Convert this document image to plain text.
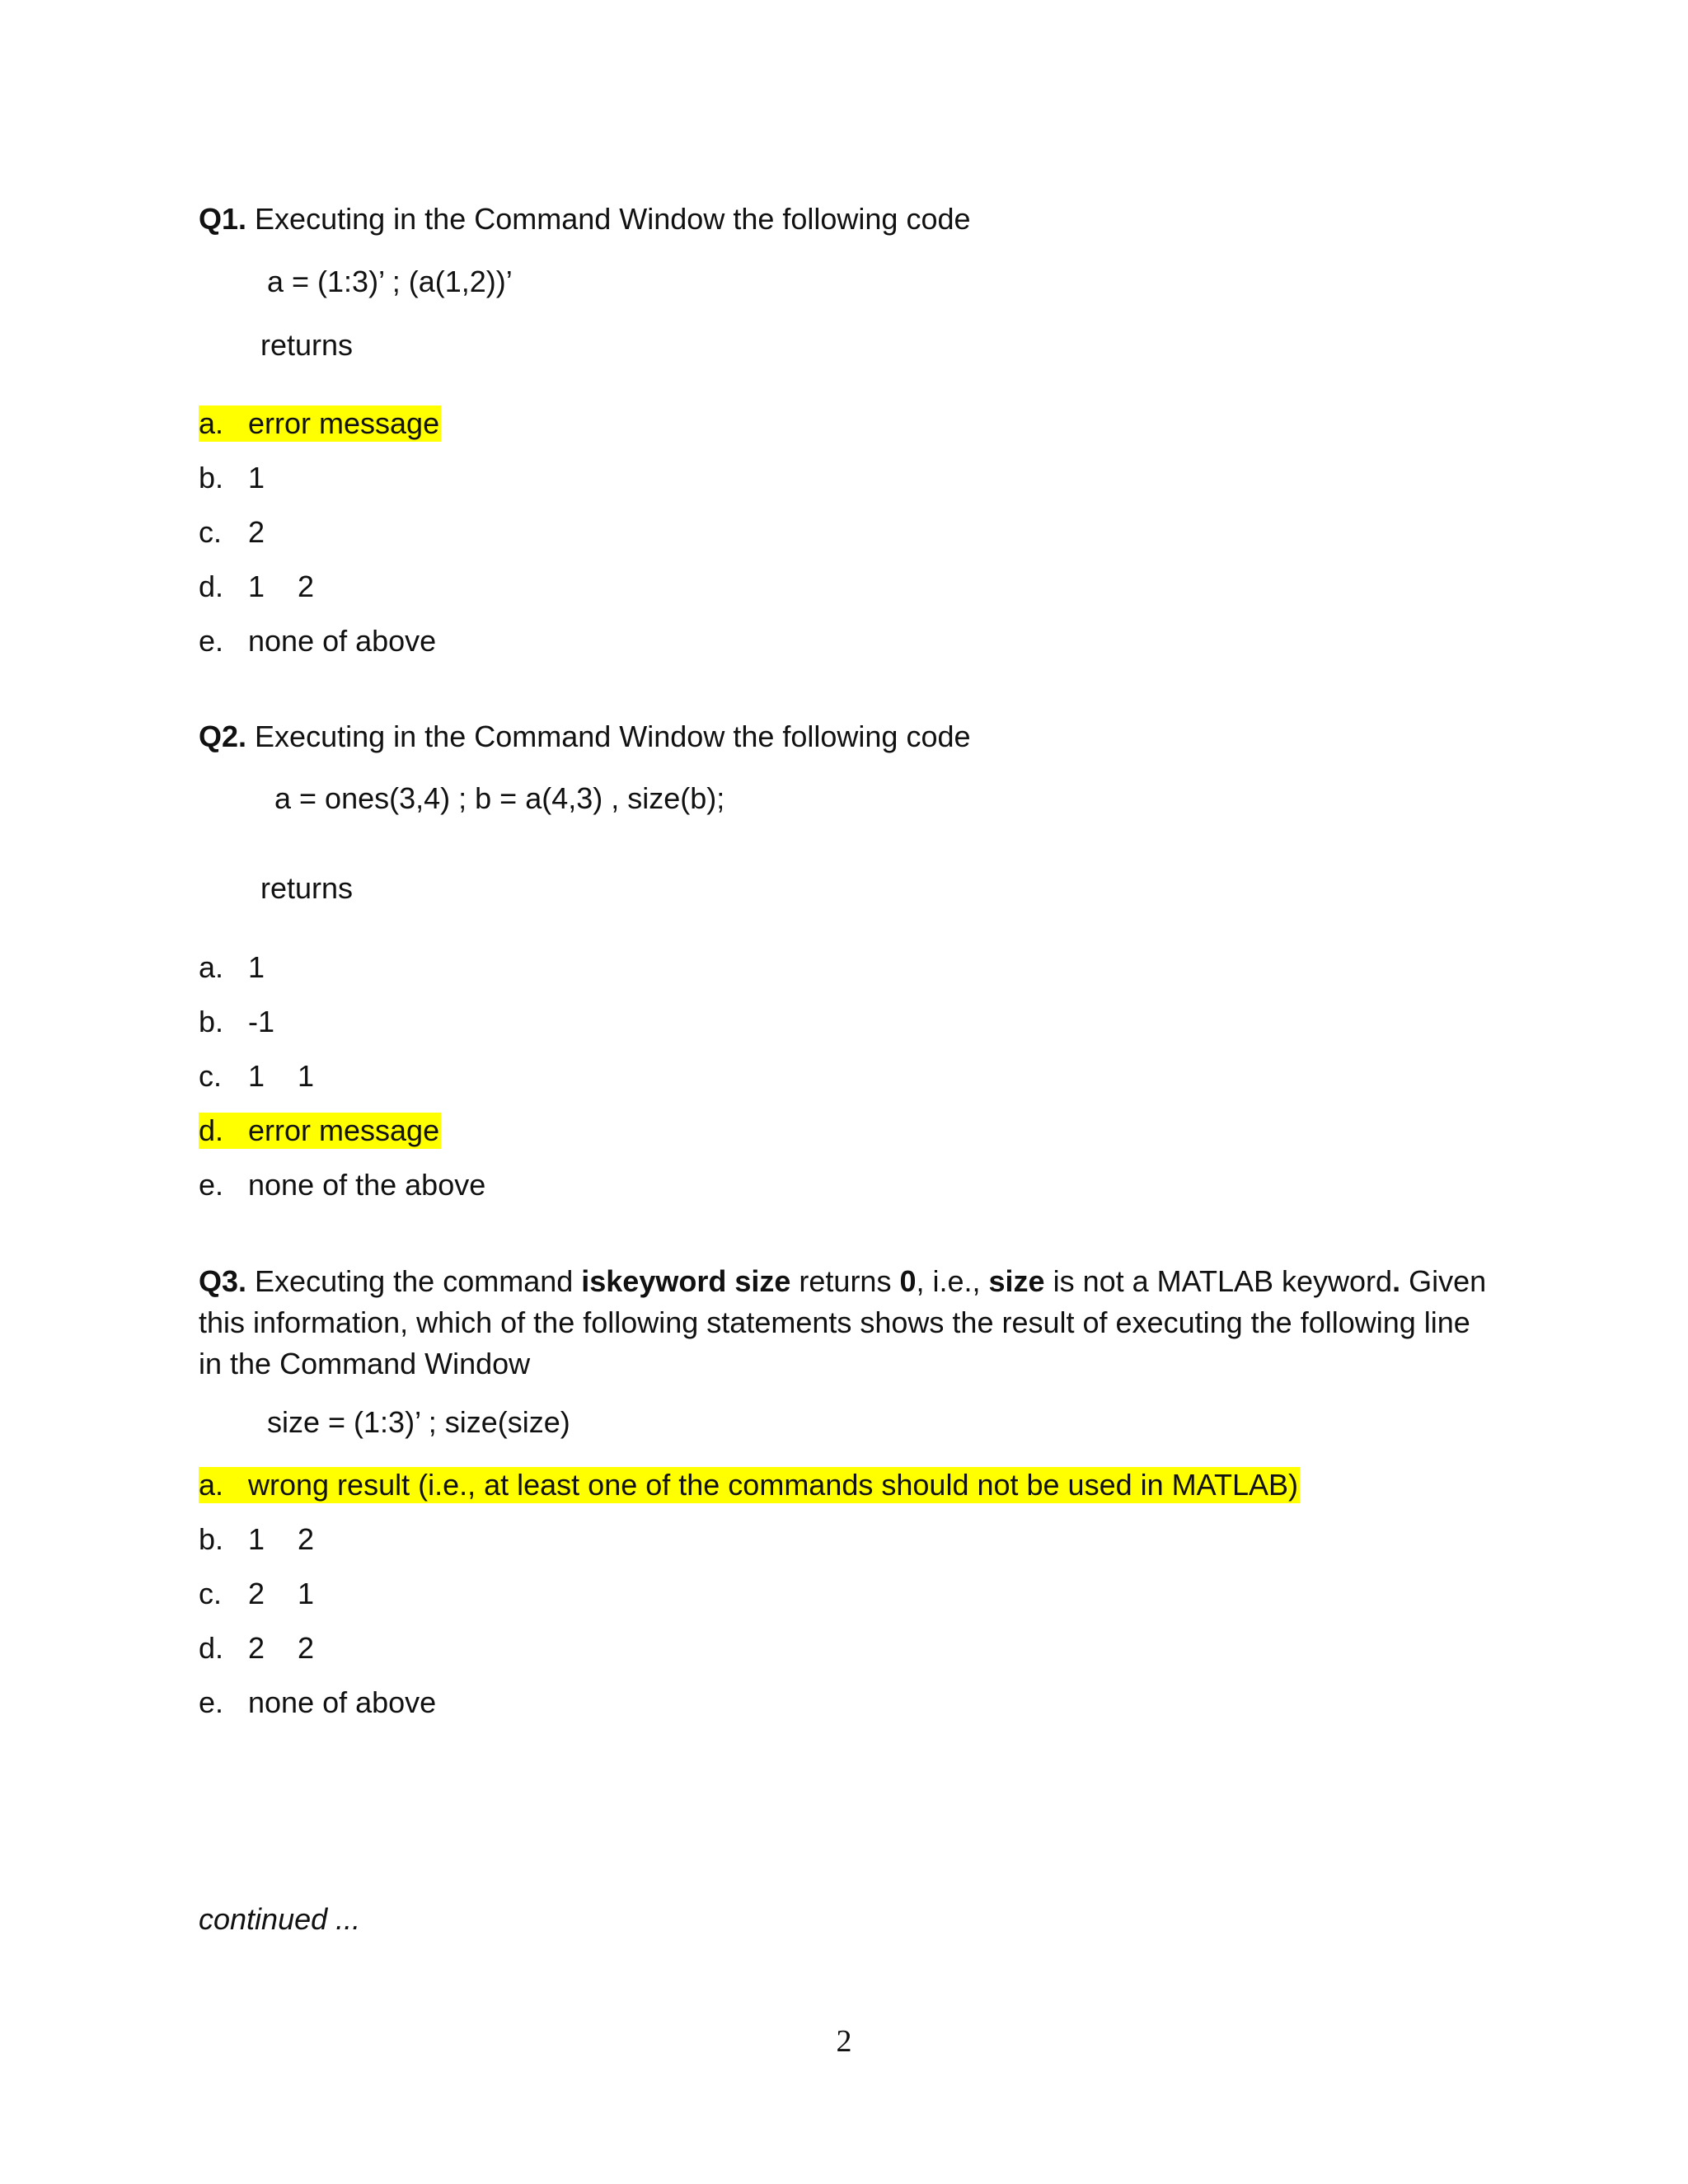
Q1. Executing in the Command Window the following code
a = (1:3)’ ; (a(1,2))’
returns
a. error message
b. 1
c. 2
d. 1    2
e. none of above
Q2. Executing in the Command Window the following code
a = ones(3,4) ; b = a(4,3) , size(b);
returns
a. 1
b. -1
c. 1    1
d. error message
e. none of the above
Q3. Executing the command iskeyword size returns 0, i.e., size is not a MATLAB keyword. Given
this information, which of the following statements shows the result of executing the following line
in the Command Window
size = (1:3)’ ; size(size)
a. wrong result (i.e., at least one of the commands should not be used in MATLAB)
b. 1    2
c. 2    1
d. 2    2
e. none of above
continued ...
2
